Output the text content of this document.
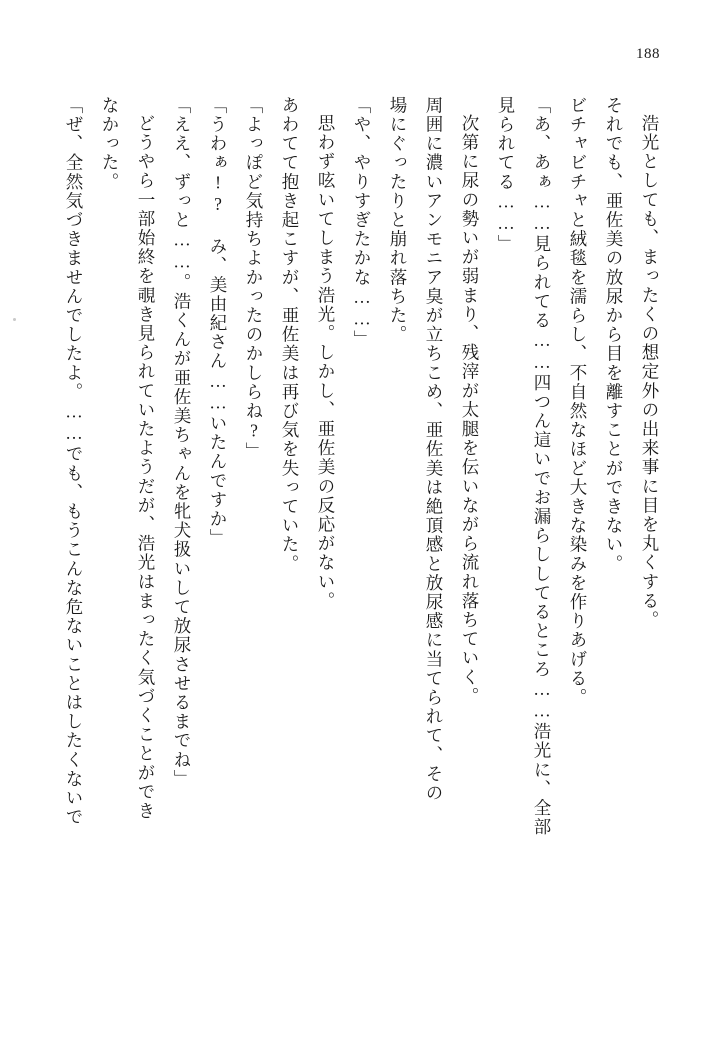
188
浩光としても、まったくの想定外の出来事に目を丸くする。
それでも、亜佐美の放尿から目を離すことができない。
ビチャビチャと絨毯を濡らし、不自然なほど大きな染みを作りあげる。
「あ、あぁ……見られてる……四つん這いでお漏らししてるところ……浩光に、全部
見られてる……」
次第に尿の勢いが弱まり、残滓が太腿を伝いながら流れ落ちていく。
周囲に濃いアンモニア臭が立ちこめ、亜佐美は絶頂感と放尿感に当てられて、その
場にぐったりと崩れ落ちた。
「や、やりすぎたかな……」
思わず呟いてしまう浩光。しかし、亜佐美の反応がない。
あわてて抱き起こすが、亜佐美は再び気を失っていた。
「よっぽど気持ちよかったのかしらね?」
「うわぁ!? み、美由紀さん……いたんですか」
「ええ、ずっと……。浩くんが亜佐美ちゃんを牝犬扱いして放尿させるまでね」
どうやら一部始終を覗き見られていたようだが、浩光はまったく気づくことができ
なかった。
「ぜ、全然気づきませんでしたよ。……でも、もうこんな危ないことはしたくないで
